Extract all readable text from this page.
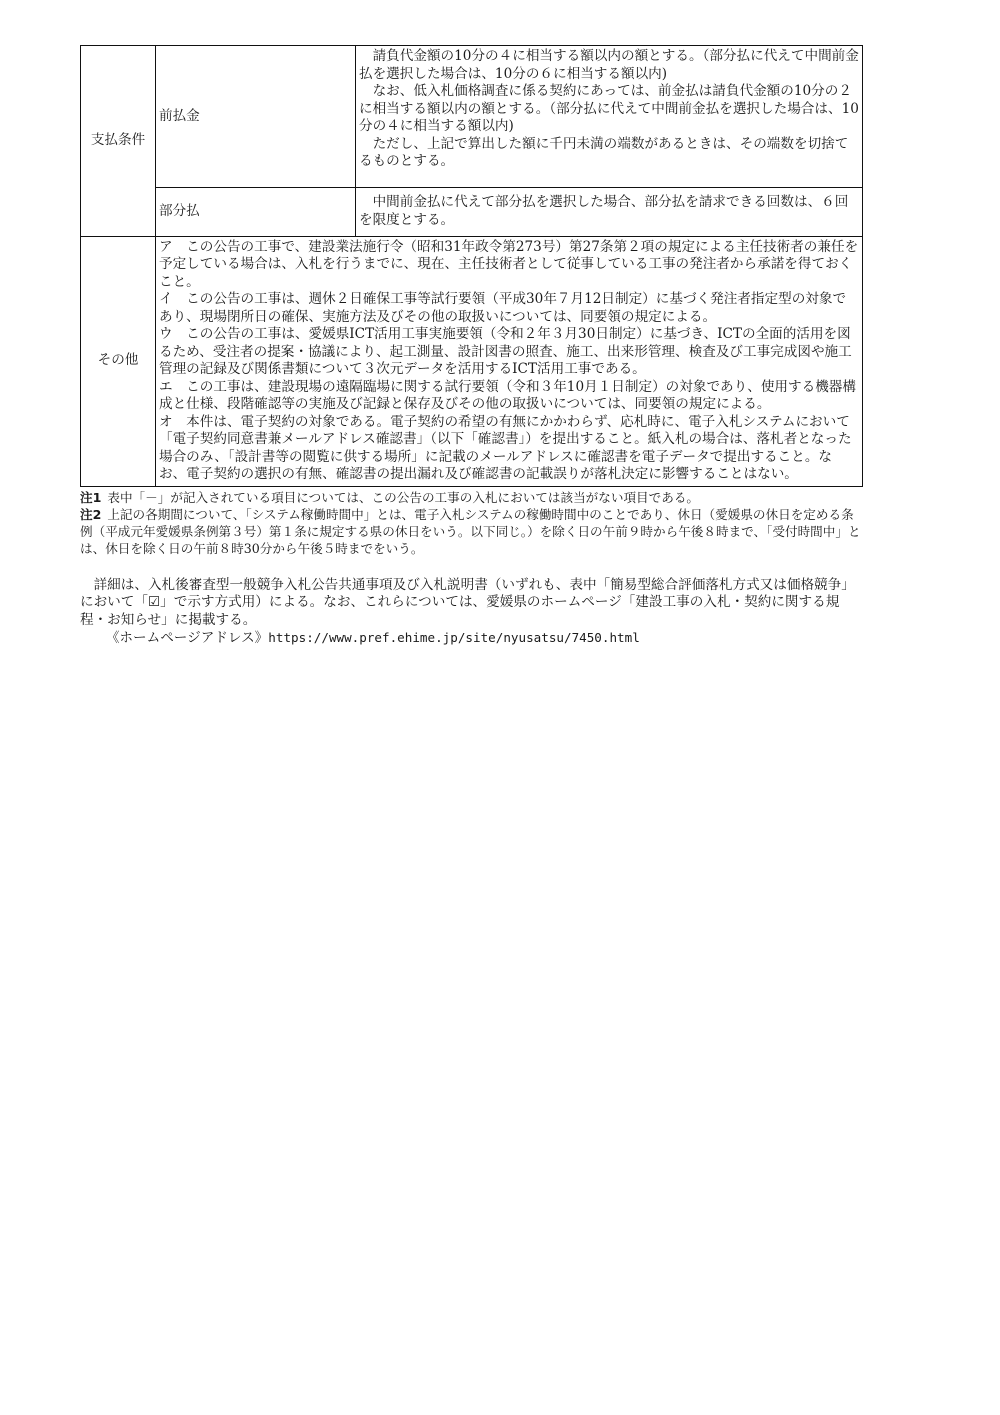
支払条件	前払金	請負代金額の10分の４に相当する額以内の額とする。（部分払に代えて中間前金払を選択した場合は、10分の６に相当する額以内)
なお、低入札価格調査に係る契約にあっては、前金払は請負代金額の10分の２に相当する額以内の額とする。（部分払に代えて中間前金払を選択した場合は、10分の４に相当する額以内)
ただし、上記で算出した額に千円未満の端数があるときは、その端数を切捨てるものとする。

	部分払	中間前金払に代えて部分払を選択した場合、部分払を請求できる回数は、６回を限度とする。

その他	ア　この公告の工事で、建設業法施行令（昭和31年政令第273号）第27条第２項の規定による主任技術者の兼任を予定している場合は、入札を行うまでに、現在、主任技術者として従事している工事の発注者から承諾を得ておくこと。

イ　この公告の工事は、週休２日確保工事等試行要領（平成30年７月12日制定）に基づく発注者指定型の対象であり、現場閉所日の確保、実施方法及びその他の取扱いについては、同要領の規定による。

ウ　この公告の工事は、愛媛県ICT活用工事実施要領（令和２年３月30日制定）に基づき、ICTの全面的活用を図るため、受注者の提案・協議により、起工測量、設計図書の照査、施工、出来形管理、検査及び工事完成図や施工管理の記録及び関係書類について３次元データを活用するICT活用工事である。

エ　この工事は、建設現場の遠隔臨場に関する試行要領（令和３年10月１日制定）の対象であり、使用する機器構成と仕様、段階確認等の実施及び記録と保存及びその他の取扱いについては、同要領の規定による。

オ　本件は、電子契約の対象である。電子契約の希望の有無にかかわらず、応札時に、電子入札システムにおいて「電子契約同意書兼メールアドレス確認書」（以下「確認書」）を提出すること。紙入札の場合は、落札者となった場合のみ、「設計書等の閲覧に供する場所」に記載のメールアドレスに確認書を電子データで提出すること。なお、電子契約の選択の有無、確認書の提出漏れ及び確認書の記載誤りが落札決定に影響することはない。	

注1 表中「－」が記入されている項目については、この公告の工事の入札においては該当がない項目である。

注2 上記の各期間について、「システム稼働時間中」とは、電子入札システムの稼働時間中のことであり、休日（愛媛県の休日を定める条例（平成元年愛媛県条例第３号）第１条に規定する県の休日をいう。以下同じ。）を除く日の午前９時から午後８時まで、「受付時間中」とは、休日を除く日の午前８時30分から午後５時までをいう。

詳細は、入札後審査型一般競争入札公告共通事項及び入札説明書（いずれも、表中「簡易型総合評価落札方式又は価格競争」において「☑」で示す方式用）による。なお、これらについては、愛媛県のホームページ「建設工事の入札・契約に関する規程・お知らせ」に掲載する。

《ホームページアドレス》https://www.pref.ehime.jp/site/nyusatsu/7450.html
